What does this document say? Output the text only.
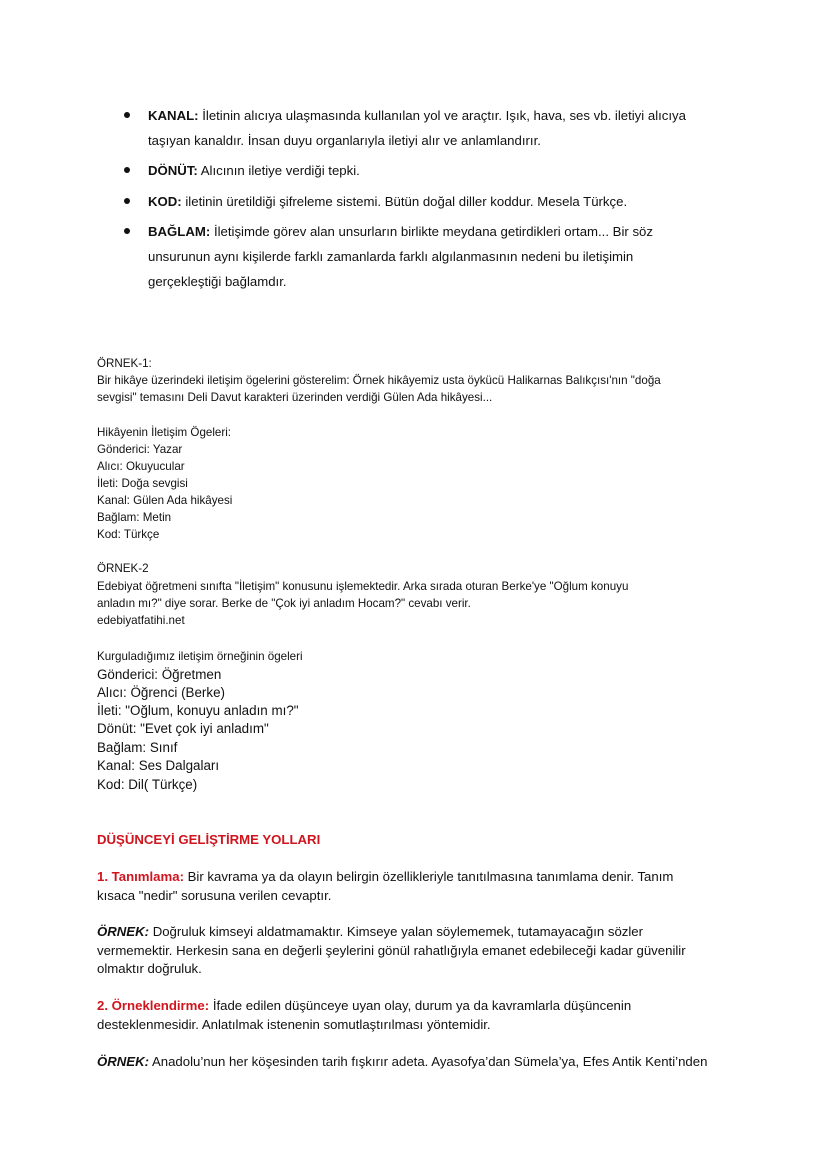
KANAL: İletinin alıcıya ulaşmasında kullanılan yol ve araçtır. Işık, hava, ses vb. iletiyi alıcıya
taşıyan kanaldır. İnsan duyu organlarıyla iletiyi alır ve anlamlandırır.
DÖNÜT: Alıcının iletiye verdiği tepki.
KOD: iletinin üretildiği şifreleme sistemi. Bütün doğal diller koddur. Mesela Türkçe.
BAĞLAM: İletişimde görev alan unsurların birlikte meydana getirdikleri ortam... Bir söz
unsurunun aynı kişilerde farklı zamanlarda farklı algılanmasının nedeni bu iletişimin
gerçekleştiği bağlamdır.
ÖRNEK-1:
Bir hikâye üzerindeki iletişim ögelerini gösterelim: Örnek hikâyemiz usta öykücü Halikarnas Balıkçısı'nın "doğa
sevgisi" temasını Deli Davut karakteri üzerinden verdiği Gülen Ada hikâyesi...
Hikâyenin İletişim Ögeleri:
Gönderici: Yazar
Alıcı: Okuyucular
İleti: Doğa sevgisi
Kanal: Gülen Ada hikâyesi
Bağlam: Metin
Kod: Türkçe
ÖRNEK-2
Edebiyat öğretmeni sınıfta "İletişim" konusunu işlemektedir. Arka sırada oturan Berke'ye "Oğlum konuyu
anladın mı?" diye sorar. Berke de "Çok iyi anladım Hocam?" cevabı verir.
edebiyatfatihi.net
Kurguladığımız iletişim örneğinin ögeleri
Gönderici: Öğretmen
Alıcı: Öğrenci (Berke)
İleti: "Oğlum, konuyu anladın mı?"
Dönüt: "Evet çok iyi anladım"
Bağlam: Sınıf
Kanal: Ses Dalgaları
Kod: Dil( Türkçe)
DÜŞÜNCEYİ GELİŞTİRME YOLLARI
1. Tanımlama: Bir kavrama ya da olayın belirgin özellikleriyle tanıtılmasına tanımlama denir. Tanım
kısaca "nedir" sorusuna verilen cevaptır.
ÖRNEK: Doğruluk kimseyi aldatmamaktır. Kimseye yalan söylememek, tutamayacağın sözler
vermemektir. Herkesin sana en değerli şeylerini gönül rahatlığıyla emanet edebileceği kadar güvenilir
olmaktır doğruluk.
2. Örneklendirme: İfade edilen düşünceye uyan olay, durum ya da kavramlarla düşüncenin
desteklenmesidir. Anlatılmak istenenin somutlaştırılması yöntemidir.
ÖRNEK: Anadolu’nun her köşesinden tarih fışkırır adeta. Ayasofya’dan Sümela’ya, Efes Antik Kenti’nden
